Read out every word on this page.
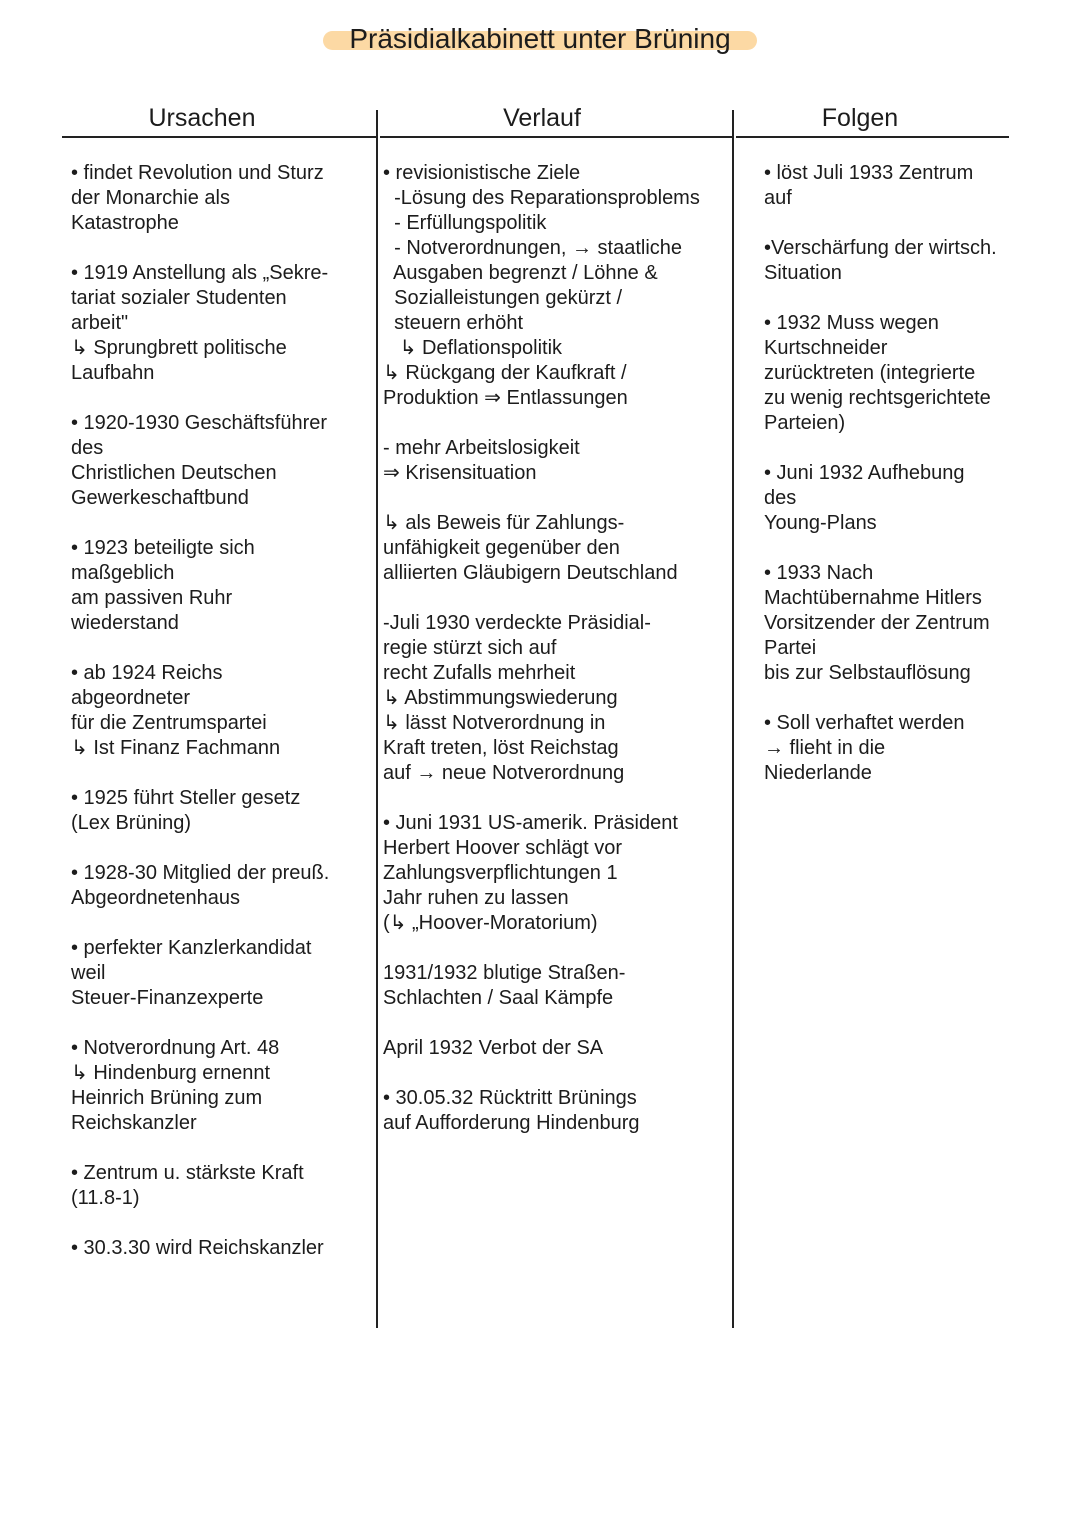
Präsidialkabinett unter Brüning
Ursachen	Verlauf	Folgen
• findet Revolution und Sturz
der Monarchie als
Katastrophe
• 1919 Anstellung als „Sekre-
tariat sozialer Studenten
arbeit"
↳ Sprungbrett politische
Laufbahn
• 1920-1930 Geschäftsführer
des
Christlichen Deutschen
Gewerkeschaftbund
• 1923 beteiligte sich
maßgeblich
am passiven Ruhr
wiederstand
• ab 1924 Reichs
abgeordneter
für die Zentrumspartei
↳ Ist Finanz Fachmann
• 1925 führt Steller gesetz
(Lex Brüning)
• 1928-30 Mitglied der preuß.
Abgeordnetenhaus
• perfekter Kanzlerkandidat
weil
Steuer-Finanzexperte
• Notverordnung Art. 48
↳ Hindenburg ernennt
Heinrich Brüning zum
Reichskanzler
• Zentrum u. stärkste Kraft
(11.8-1)
• 30.3.30 wird Reichskanzler
• revisionistische Ziele
-Lösung des Reparationsproblems
- Erfüllungspolitik
- Notverordnungen, → staatliche
Ausgaben begrenzt / Löhne &
Sozialleistungen gekürzt /
steuern erhöht
↳ Deflationspolitik
↳ Rückgang der Kaufkraft /
Produktion ⇒ Entlassungen
- mehr Arbeitslosigkeit
⇒ Krisensituation
↳ als Beweis für Zahlungs-
unfähigkeit gegenüber den
alliierten Gläubigern Deutschland
-Juli 1930 verdeckte Präsidial-
regie stürzt sich auf
recht Zufalls mehrheit
↳ Abstimmungswiederung
↳ lässt Notverordnung in
Kraft treten, löst Reichstag
auf → neue Notverordnung
• Juni 1931 US-amerik. Präsident
Herbert Hoover schlägt vor
Zahlungsverpflichtungen 1
Jahr ruhen zu lassen
(↳ „Hoover-Moratorium)
1931/1932 blutige Straßen-
Schlachten / Saal Kämpfe
April 1932 Verbot der SA
• 30.05.32 Rücktritt Brünings
auf Aufforderung Hindenburg
• löst Juli 1933 Zentrum
auf
•Verschärfung der wirtsch.
Situation
• 1932 Muss wegen
Kurtschneider
zurücktreten (integrierte
zu wenig rechtsgerichtete
Parteien)
• Juni 1932 Aufhebung
des
Young-Plans
• 1933 Nach
Machtübernahme Hitlers
Vorsitzender der Zentrum
Partei
bis zur Selbstauflösung
• Soll verhaftet werden
→ flieht in die
Niederlande
